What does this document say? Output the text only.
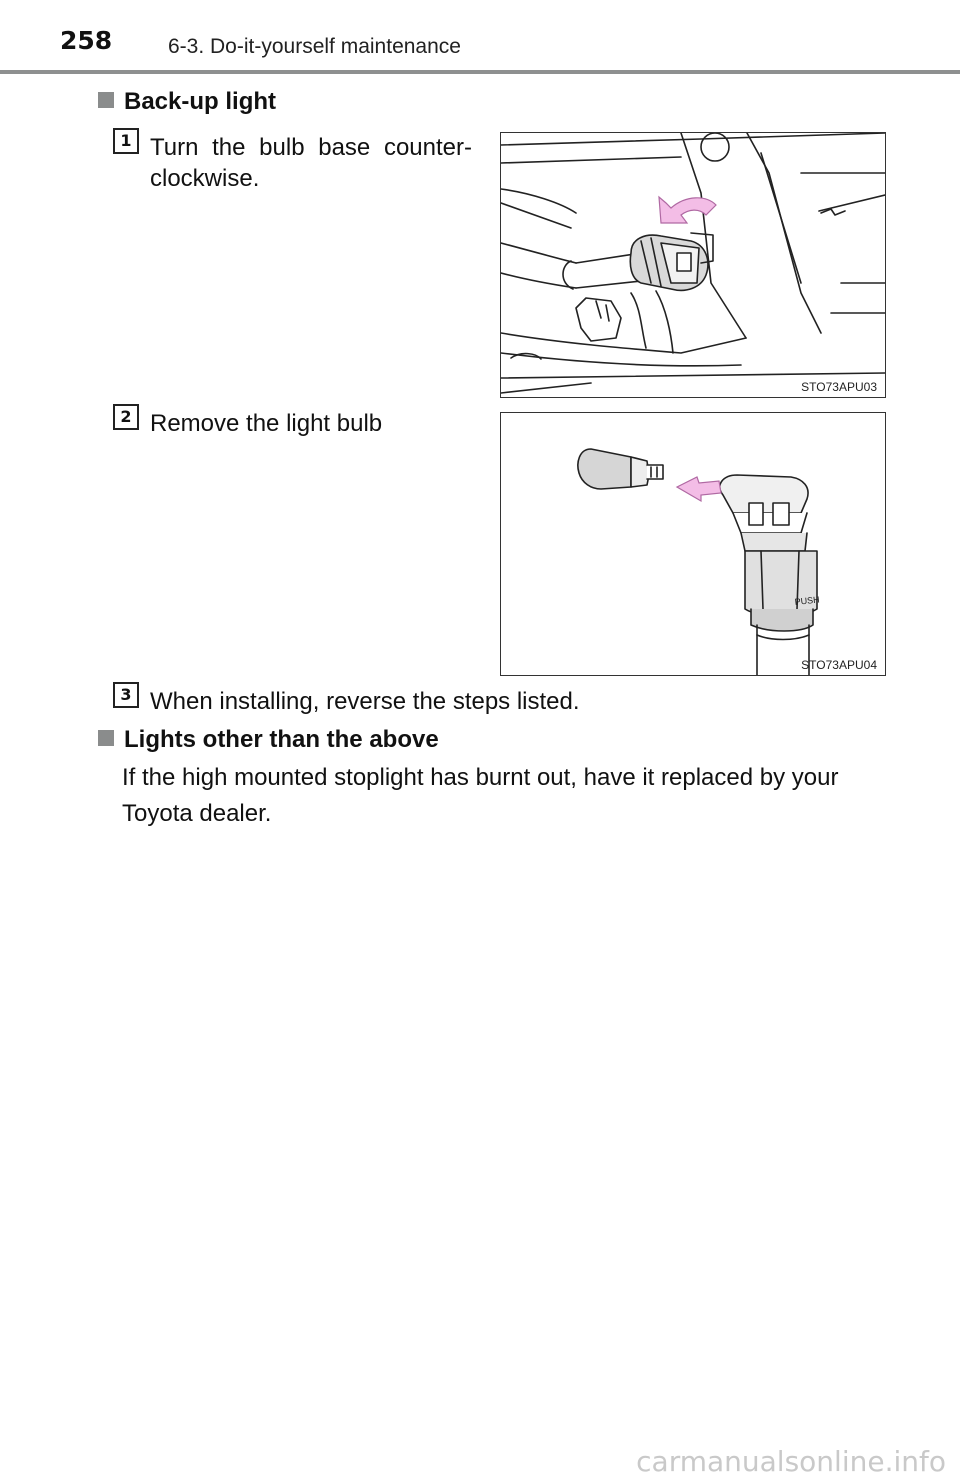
258	6-3. Do-it-yourself maintenance
Back-up light
1 Turn the bulb base counter-clockwise.
STO73APU03
2 Remove the light bulb
PUSH
STO73APU04
3 When installing, reverse the steps listed.
Lights other than the above
If the high mounted stoplight has burnt out, have it replaced by your Toyota dealer.
carmanualsonline.info
